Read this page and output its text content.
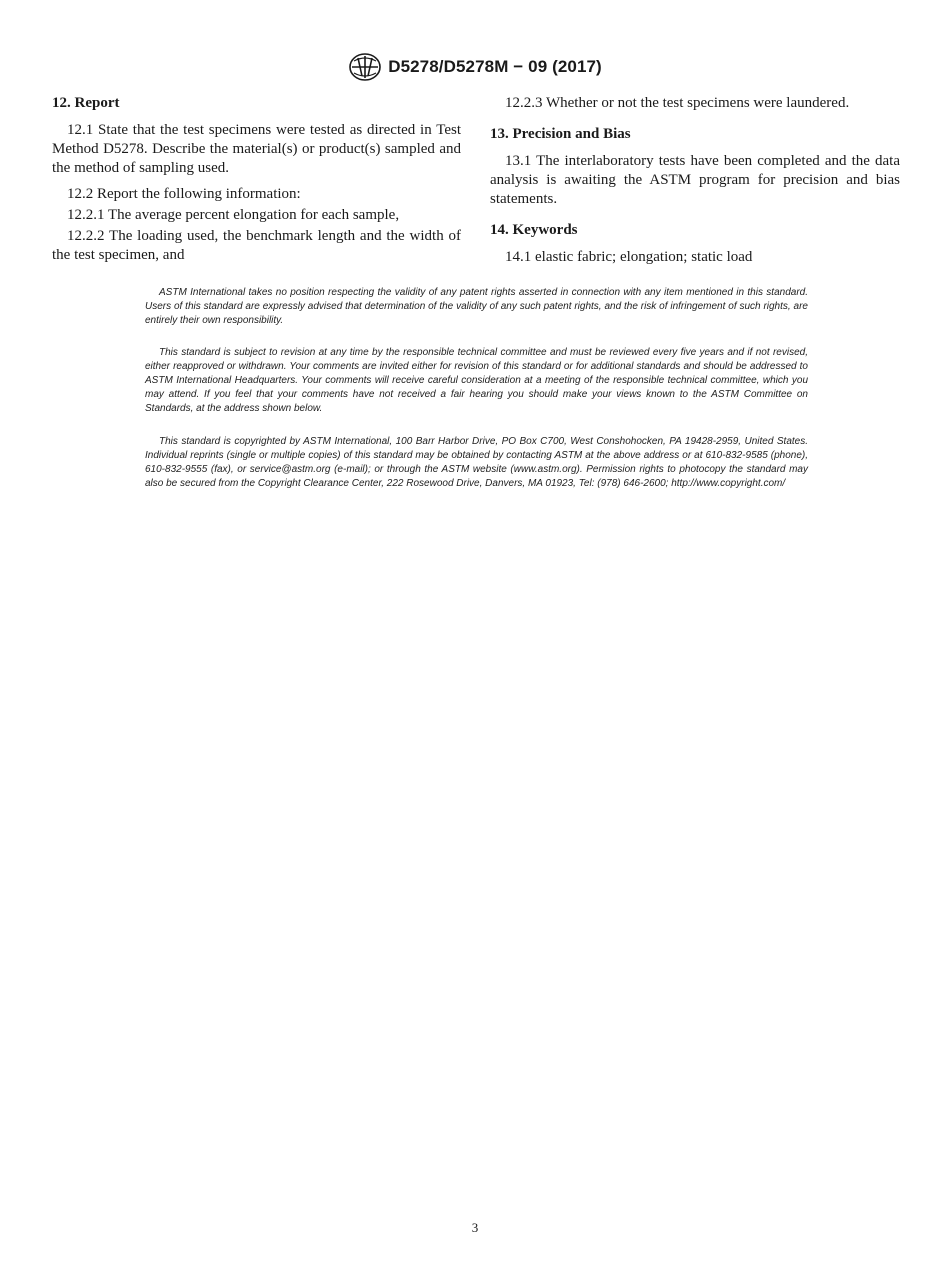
D5278/D5278M − 09 (2017)
12. Report

12.1 State that the test specimens were tested as directed in Test Method D5278. Describe the material(s) or product(s) sampled and the method of sampling used.

12.2 Report the following information:

12.2.1 The average percent elongation for each sample,

12.2.2 The loading used, the benchmark length and the width of the test specimen, and

12.2.3 Whether or not the test specimens were laundered.

13. Precision and Bias

13.1 The interlaboratory tests have been completed and the data analysis is awaiting the ASTM program for precision and bias statements.

14. Keywords

14.1 elastic fabric; elongation; static load

ASTM International takes no position respecting the validity of any patent rights asserted in connection with any item mentioned in this standard. Users of this standard are expressly advised that determination of the validity of any such patent rights, and the risk of infringement of such rights, are entirely their own responsibility.

This standard is subject to revision at any time by the responsible technical committee and must be reviewed every five years and if not revised, either reapproved or withdrawn. Your comments are invited either for revision of this standard or for additional standards and should be addressed to ASTM International Headquarters. Your comments will receive careful consideration at a meeting of the responsible technical committee, which you may attend. If you feel that your comments have not received a fair hearing you should make your views known to the ASTM Committee on Standards, at the address shown below.

This standard is copyrighted by ASTM International, 100 Barr Harbor Drive, PO Box C700, West Conshohocken, PA 19428-2959, United States. Individual reprints (single or multiple copies) of this standard may be obtained by contacting ASTM at the above address or at 610-832-9585 (phone), 610-832-9555 (fax), or service@astm.org (e-mail); or through the ASTM website (www.astm.org). Permission rights to photocopy the standard may also be secured from the Copyright Clearance Center, 222 Rosewood Drive, Danvers, MA 01923, Tel: (978) 646-2600; http://www.copyright.com/

3
